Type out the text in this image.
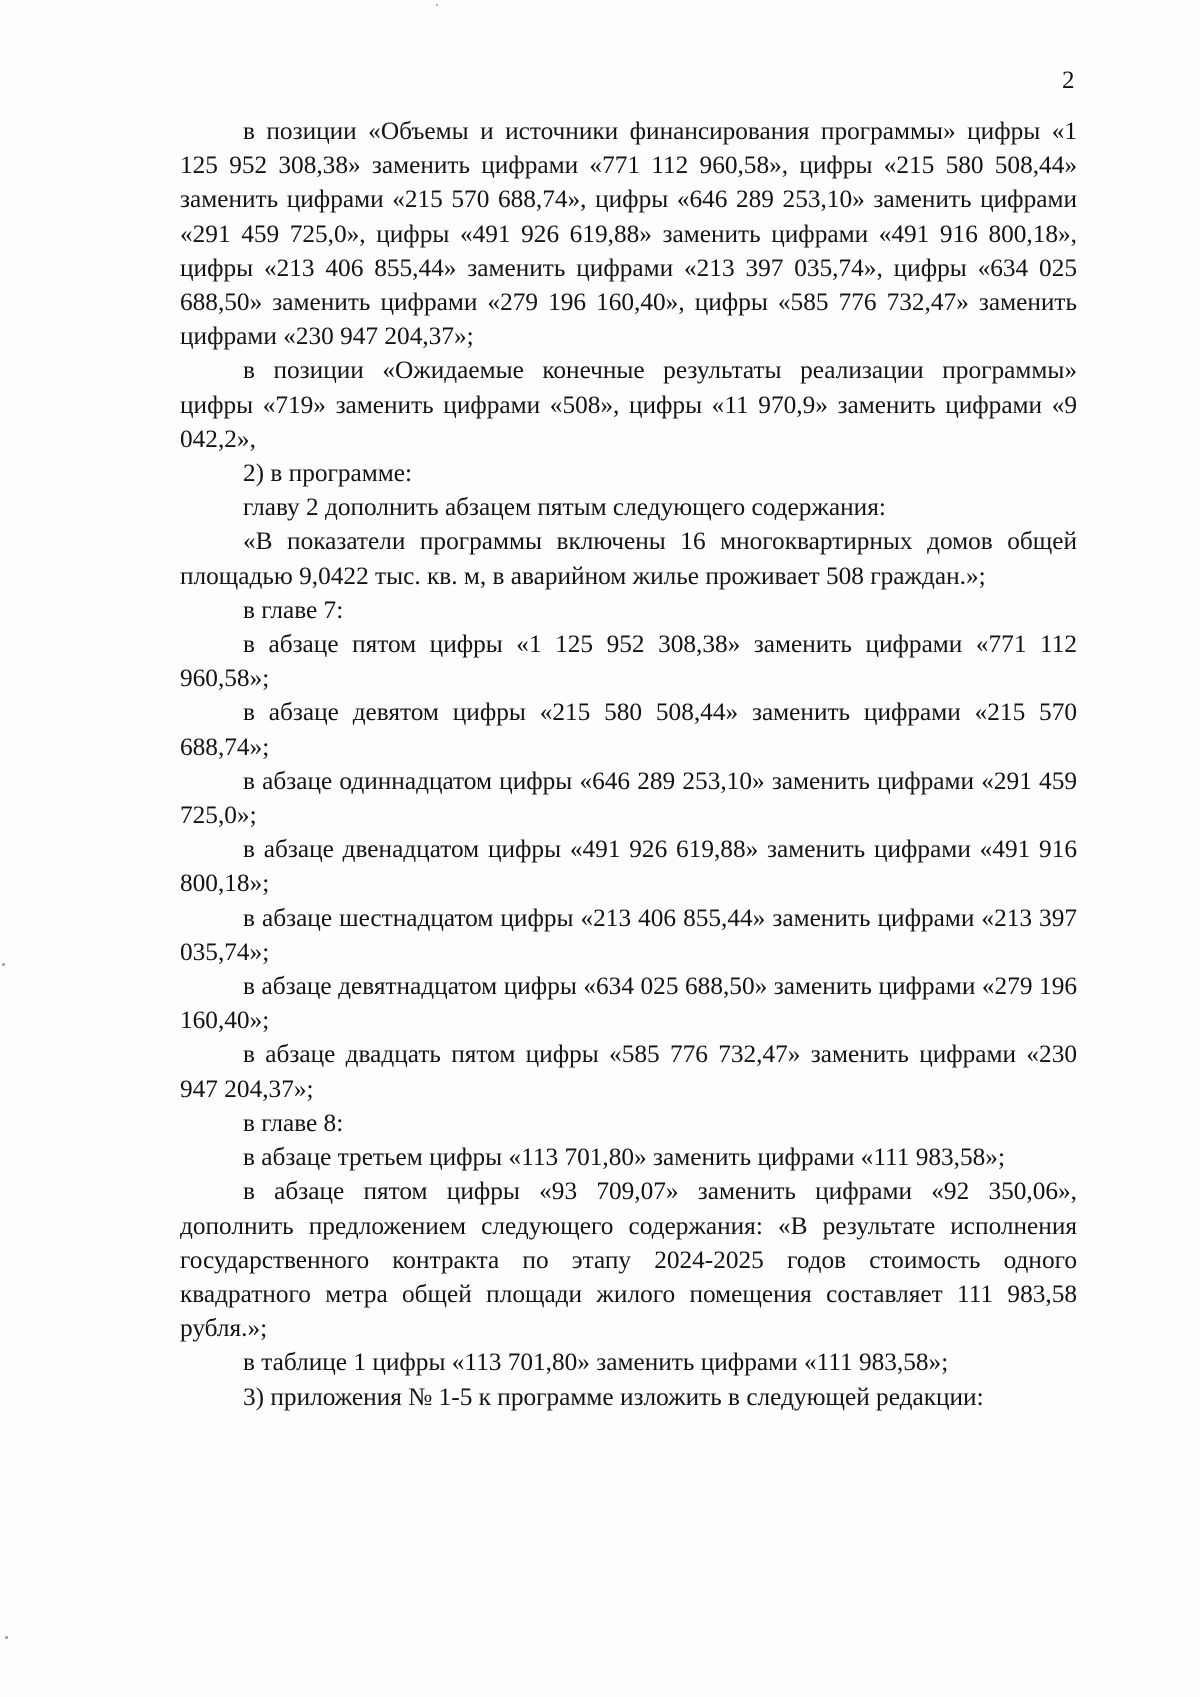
2

в позиции «Объемы и источники финансирования программы» цифры «1 125 952 308,38» заменить цифрами «771 112 960,58», цифры «215 580 508,44» заменить цифрами «215 570 688,74», цифры «646 289 253,10» заменить цифрами «291 459 725,0», цифры «491 926 619,88» заменить цифрами «491 916 800,18», цифры «213 406 855,44» заменить цифрами «213 397 035,74», цифры «634 025 688,50» заменить цифрами «279 196 160,40», цифры «585 776 732,47» заменить цифрами «230 947 204,37»;

в позиции «Ожидаемые конечные результаты реализации программы» цифры «719» заменить цифрами «508», цифры «11 970,9» заменить цифрами «9 042,2»,

2) в программе:

главу 2 дополнить абзацем пятым следующего содержания:

«В показатели программы включены 16 многоквартирных домов общей площадью 9,0422 тыс. кв. м, в аварийном жилье проживает 508 граждан.»;

в главе 7:

в абзаце пятом цифры «1 125 952 308,38» заменить цифрами «771 112 960,58»;

в абзаце девятом цифры «215 580 508,44» заменить цифрами «215 570 688,74»;

в абзаце одиннадцатом цифры «646 289 253,10» заменить цифрами «291 459 725,0»;

в абзаце двенадцатом цифры «491 926 619,88» заменить цифрами «491 916 800,18»;

в абзаце шестнадцатом цифры «213 406 855,44» заменить цифрами «213 397 035,74»;

в абзаце девятнадцатом цифры «634 025 688,50» заменить цифрами «279 196 160,40»;

в абзаце двадцать пятом цифры «585 776 732,47» заменить цифрами «230 947 204,37»;

в главе 8:

в абзаце третьем цифры «113 701,80» заменить цифрами «111 983,58»;

в абзаце пятом цифры «93 709,07» заменить цифрами «92 350,06», дополнить предложением следующего содержания: «В результате исполнения государственного контракта по этапу 2024-2025 годов стоимость одного квадратного метра общей площади жилого помещения составляет 111 983,58 рубля.»;

в таблице 1 цифры «113 701,80» заменить цифрами «111 983,58»;

3) приложения № 1-5 к программе изложить в следующей редакции:
